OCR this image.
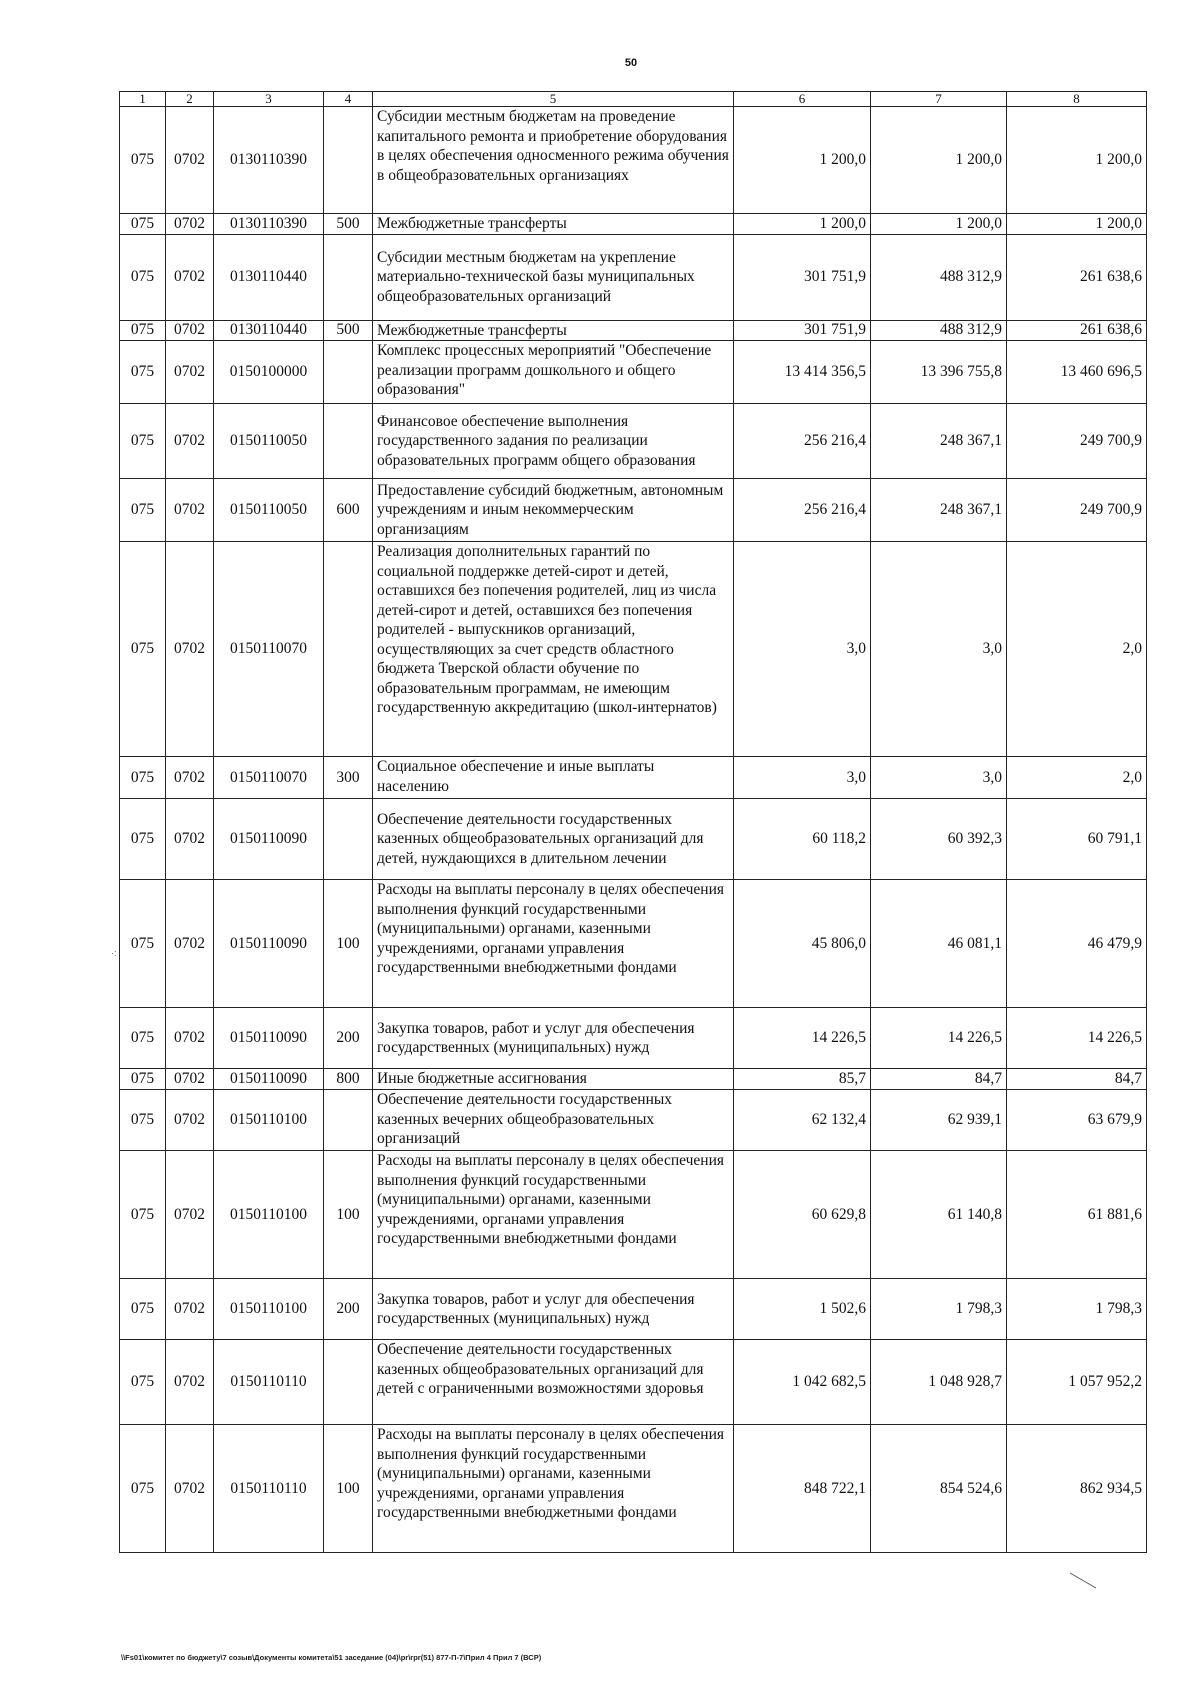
50
1	2	3	4	5	6	7	8
075	0702	0130110390		Субсидии местным бюджетам на проведение капитального ремонта и приобретение оборудования в целях обеспечения односменного режима обучения в общеобразовательных организациях	1 200,0	1 200,0	1 200,0
075	0702	0130110390	500	Межбюджетные трансферты	1 200,0	1 200,0	1 200,0
075	0702	0130110440		Субсидии местным бюджетам на укрепление материально-технической базы муниципальных общеобразовательных организаций	301 751,9	488 312,9	261 638,6
075	0702	0130110440	500	Межбюджетные трансферты	301 751,9	488 312,9	261 638,6
075	0702	0150100000		Комплекс процессных мероприятий "Обеспечение реализации программ дошкольного и общего образования"	13 414 356,5	13 396 755,8	13 460 696,5
075	0702	0150110050		Финансовое обеспечение выполнения государственного задания по реализации образовательных программ общего образования	256 216,4	248 367,1	249 700,9
075	0702	0150110050	600	Предоставление субсидий бюджетным, автономным учреждениям и иным некоммерческим организациям	256 216,4	248 367,1	249 700,9
075	0702	0150110070		Реализация дополнительных гарантий по социальной поддержке детей-сирот и детей, оставшихся без попечения родителей, лиц из числа детей-сирот и детей, оставшихся без попечения родителей - выпускников организаций, осуществляющих за счет средств областного бюджета Тверской области обучение по образовательным программам, не имеющим государственную аккредитацию (школ-интернатов)	3,0	3,0	2,0
075	0702	0150110070	300	Социальное обеспечение и иные выплаты населению	3,0	3,0	2,0
075	0702	0150110090		Обеспечение деятельности государственных казенных общеобразовательных организаций для детей, нуждающихся в длительном лечении	60 118,2	60 392,3	60 791,1
075	0702	0150110090	100	Расходы на выплаты персоналу в целях обеспечения выполнения функций государственными (муниципальными) органами, казенными учреждениями, органами управления государственными внебюджетными фондами	45 806,0	46 081,1	46 479,9
075	0702	0150110090	200	Закупка товаров, работ и услуг для обеспечения государственных (муниципальных) нужд	14 226,5	14 226,5	14 226,5
075	0702	0150110090	800	Иные бюджетные ассигнования	85,7	84,7	84,7
075	0702	0150110100		Обеспечение деятельности государственных казенных вечерних общеобразовательных организаций	62 132,4	62 939,1	63 679,9
075	0702	0150110100	100	Расходы на выплаты персоналу в целях обеспечения выполнения функций государственными (муниципальными) органами, казенными учреждениями, органами управления государственными внебюджетными фондами	60 629,8	61 140,8	61 881,6
075	0702	0150110100	200	Закупка товаров, работ и услуг для обеспечения государственных (муниципальных) нужд	1 502,6	1 798,3	1 798,3
075	0702	0150110110		Обеспечение деятельности государственных казенных общеобразовательных организаций для детей с ограниченными возможностями здоровья	1 042 682,5	1 048 928,7	1 057 952,2
075	0702	0150110110	100	Расходы на выплаты персоналу в целях обеспечения выполнения функций государственными (муниципальными) органами, казенными учреждениями, органами управления государственными внебюджетными фондами	848 722,1	854 524,6	862 934,5
·:
\\Fs01\комитет по бюджету\7 созыв\Документы комитета\51 заседание (04)\pr\rpr(51) 877-П-7\Прил 4 Прил 7 (ВСР)
